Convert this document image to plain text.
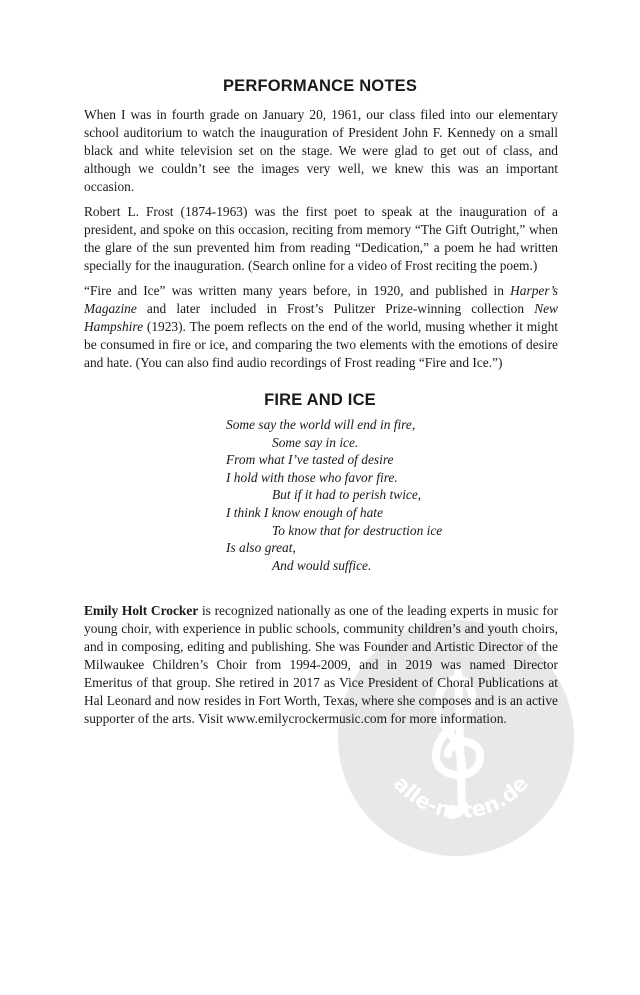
alle-noten.de
PERFORMANCE NOTES

When I was in fourth grade on January 20, 1961, our class filed into our elementary school auditorium to watch the inauguration of President John F. Kennedy on a small black and white television set on the stage. We were glad to get out of class, and although we couldn’t see the images very well, we knew this was an important occasion.

Robert L. Frost (1874-1963) was the first poet to speak at the inauguration of a president, and spoke on this occasion, reciting from memory “The Gift Outright,” when the glare of the sun prevented him from reading “Dedication,” a poem he had written specially for the inauguration. (Search online for a video of Frost reciting the poem.)

“Fire and Ice” was written many years before, in 1920, and published in Harper’s Magazine and later included in Frost’s Pulitzer Prize-winning collection New Hampshire (1923). The poem reflects on the end of the world, musing whether it might be consumed in fire or ice, and comparing the two elements with the emotions of desire and hate. (You can also find audio recordings of Frost reading “Fire and Ice.”)

FIRE AND ICE
Some say the world will end in fire,
Some say in ice.
From what I’ve tasted of desire
I hold with those who favor fire.
But if it had to perish twice,
I think I know enough of hate
To know that for destruction ice
Is also great,
And would suffice.

Emily Holt Crocker is recognized nationally as one of the leading experts in music for young choir, with experience in public schools, community children’s and youth choirs, and in composing, editing and publishing. She was Founder and Artistic Director of the Milwaukee Children’s Choir from 1994-2009, and in 2019 was named Director Emeritus of that group. She retired in 2017 as Vice President of Choral Publications at Hal Leonard and now resides in Fort Worth, Texas, where she composes and is an active supporter of the arts. Visit www.emilycrockermusic.com for more information.
